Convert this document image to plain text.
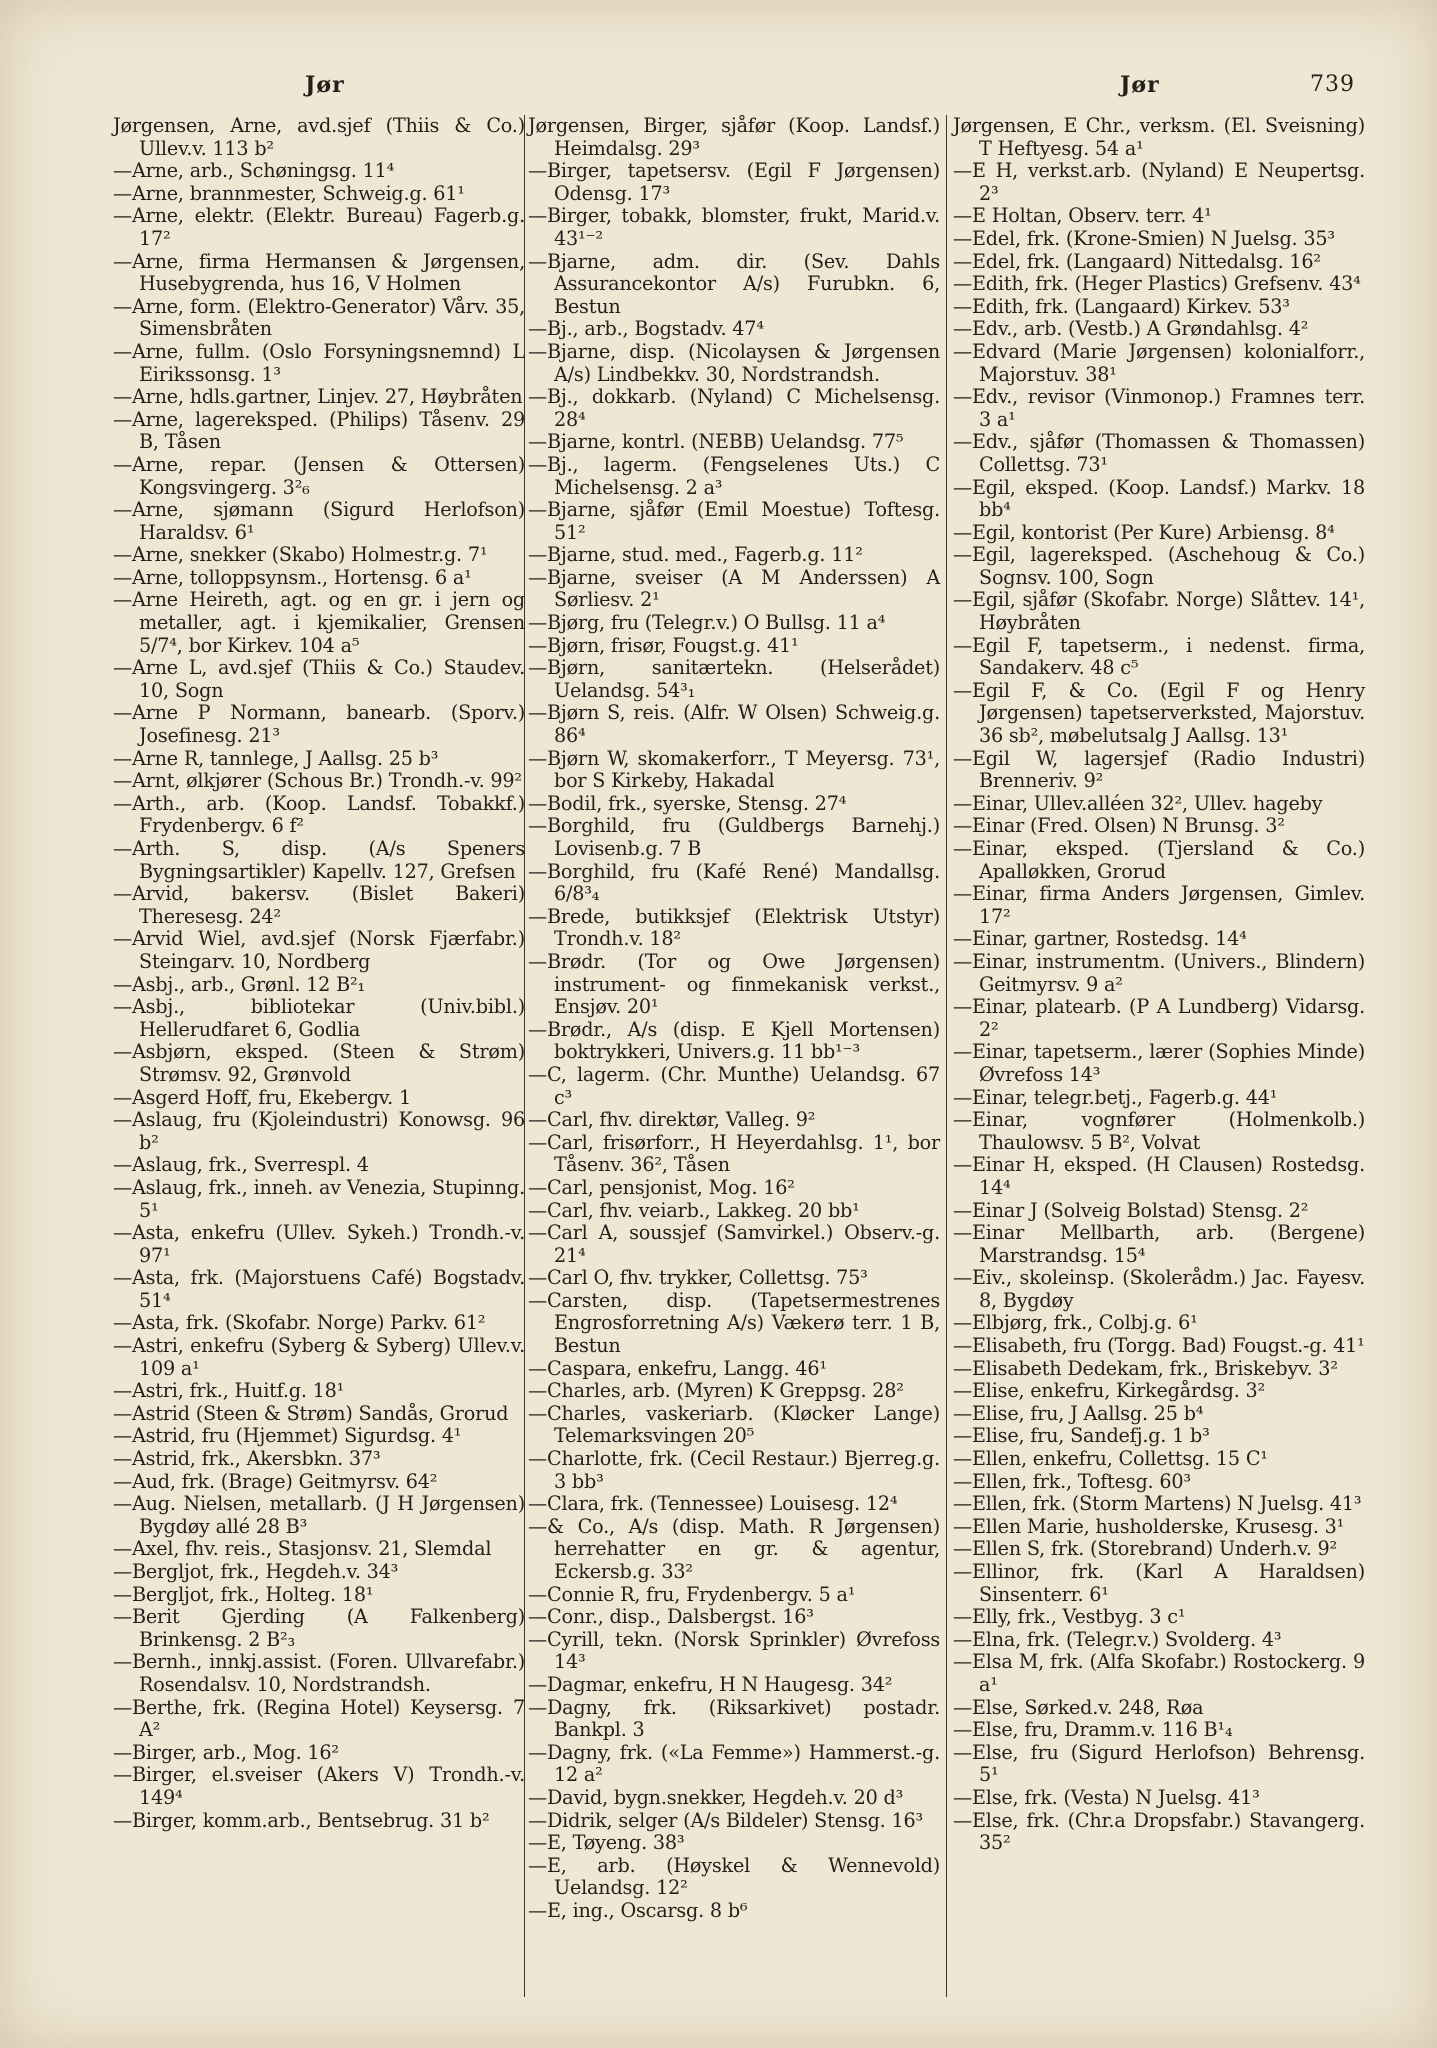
Jør	Jør	739

Jørgensen, Arne, avd.sjef (Thiis & Co.) Ullev.v. 113 b²

—Arne, arb., Schøningsg. 11⁴

—Arne, brannmester, Schweig.g. 61¹

—Arne, elektr. (Elektr. Bureau) Fagerb.g. 17²

—Arne, firma Hermansen & Jørgensen, Husebygrenda, hus 16, V Holmen

—Arne, form. (Elektro-Generator) Vårv. 35, Simensbråten

—Arne, fullm. (Oslo Forsyningsnemnd) L Eirikssonsg. 1³

—Arne, hdls.gartner, Linjev. 27, Høybråten

—Arne, lagereksped. (Philips) Tåsenv. 29 B, Tåsen

—Arne, repar. (Jensen & Ottersen) Kongsvingerg. 3²₆

—Arne, sjømann (Sigurd Herlofson) Haraldsv. 6¹

—Arne, snekker (Skabo) Holmestr.g. 7¹

—Arne, tolloppsynsm., Hortensg. 6 a¹

—Arne Heireth, agt. og en gr. i jern og metaller, agt. i kjemikalier, Grensen 5/7⁴, bor Kirkev. 104 a⁵

—Arne L, avd.sjef (Thiis & Co.) Staudev. 10, Sogn

—Arne P Normann, banearb. (Sporv.) Josefinesg. 21³

—Arne R, tannlege, J Aallsg. 25 b³

—Arnt, ølkjører (Schous Br.) Trondh.-v. 99²

—Arth., arb. (Koop. Landsf. Tobakkf.) Frydenbergv. 6 f²

—Arth. S, disp. (A/s Speners Bygningsartikler) Kapellv. 127, Grefsen

—Arvid, bakersv. (Bislet Bakeri) Theresesg. 24²

—Arvid Wiel, avd.sjef (Norsk Fjærfabr.) Steingarv. 10, Nordberg

—Asbj., arb., Grønl. 12 B²₁

—Asbj., bibliotekar (Univ.bibl.) Hellerudfaret 6, Godlia

—Asbjørn, eksped. (Steen & Strøm) Strømsv. 92, Grønvold

—Asgerd Hoff, fru, Ekebergv. 1

—Aslaug, fru (Kjoleindustri) Konowsg. 96 b²

—Aslaug, frk., Sverrespl. 4

—Aslaug, frk., inneh. av Venezia, Stupinng. 5¹

—Asta, enkefru (Ullev. Sykeh.) Trondh.-v. 97¹

—Asta, frk. (Majorstuens Café) Bogstadv. 51⁴

—Asta, frk. (Skofabr. Norge) Parkv. 61²

—Astri, enkefru (Syberg & Syberg) Ullev.v. 109 a¹

—Astri, frk., Huitf.g. 18¹

—Astrid (Steen & Strøm) Sandås, Grorud

—Astrid, fru (Hjemmet) Sigurdsg. 4¹

—Astrid, frk., Akersbkn. 37³

—Aud, frk. (Brage) Geitmyrsv. 64²

—Aug. Nielsen, metallarb. (J H Jørgensen) Bygdøy allé 28 B³

—Axel, fhv. reis., Stasjonsv. 21, Slemdal

—Bergljot, frk., Hegdeh.v. 34³

—Bergljot, frk., Holteg. 18¹

—Berit Gjerding (A Falkenberg) Brinkensg. 2 B²₃

—Bernh., innkj.assist. (Foren. Ullvarefabr.) Rosendalsv. 10, Nordstrandsh.

—Berthe, frk. (Regina Hotel) Keysersg. 7 A²

—Birger, arb., Mog. 16²

—Birger, el.sveiser (Akers V) Trondh.-v. 149⁴

—Birger, komm.arb., Bentsebrug. 31 b²

Jørgensen, Birger, sjåfør (Koop. Landsf.) Heimdalsg. 29³

—Birger, tapetsersv. (Egil F Jørgensen) Odensg. 17³

—Birger, tobakk, blomster, frukt, Marid.v. 43¹⁻²

—Bjarne, adm. dir. (Sev. Dahls Assurancekontor A/s) Furubkn. 6, Bestun

—Bj., arb., Bogstadv. 47⁴

—Bjarne, disp. (Nicolaysen & Jørgensen A/s) Lindbekkv. 30, Nordstrandsh.

—Bj., dokkarb. (Nyland) C Michelsensg. 28⁴

—Bjarne, kontrl. (NEBB) Uelandsg. 77⁵

—Bj., lagerm. (Fengselenes Uts.) C Michelsensg. 2 a³

—Bjarne, sjåfør (Emil Moestue) Toftesg. 51²

—Bjarne, stud. med., Fagerb.g. 11²

—Bjarne, sveiser (A M Anderssen) A Sørliesv. 2¹

—Bjørg, fru (Telegr.v.) O Bullsg. 11 a⁴

—Bjørn, frisør, Fougst.g. 41¹

—Bjørn, sanitærtekn. (Helserådet) Uelandsg. 54³₁

—Bjørn S, reis. (Alfr. W Olsen) Schweig.g. 86⁴

—Bjørn W, skomakerforr., T Meyersg. 73¹, bor S Kirkeby, Hakadal

—Bodil, frk., syerske, Stensg. 27⁴

—Borghild, fru (Guldbergs Barnehj.) Lovisenb.g. 7 B

—Borghild, fru (Kafé René) Mandallsg. 6/8³₄

—Brede, butikksjef (Elektrisk Utstyr) Trondh.v. 18²

—Brødr. (Tor og Owe Jørgensen) instrument- og finmekanisk verkst., Ensjøv. 20¹

—Brødr., A/s (disp. E Kjell Mortensen) boktrykkeri, Univers.g. 11 bb¹⁻³

—C, lagerm. (Chr. Munthe) Uelandsg. 67 c³

—Carl, fhv. direktør, Valleg. 9²

—Carl, frisørforr., H Heyerdahlsg. 1¹, bor Tåsenv. 36², Tåsen

—Carl, pensjonist, Mog. 16²

—Carl, fhv. veiarb., Lakkeg. 20 bb¹

—Carl A, soussjef (Samvirkel.) Observ.-g. 21⁴

—Carl O, fhv. trykker, Collettsg. 75³

—Carsten, disp. (Tapetsermestrenes Engrosforretning A/s) Vækerø terr. 1 B, Bestun

—Caspara, enkefru, Langg. 46¹

—Charles, arb. (Myren) K Greppsg. 28²

—Charles, vaskeriarb. (Kløcker Lange) Telemarksvingen 20⁵

—Charlotte, frk. (Cecil Restaur.) Bjerreg.g. 3 bb³

—Clara, frk. (Tennessee) Louisesg. 12⁴

—& Co., A/s (disp. Math. R Jørgensen) herrehatter en gr. & agentur, Eckersb.g. 33²

—Connie R, fru, Frydenbergv. 5 a¹

—Conr., disp., Dalsbergst. 16³

—Cyrill, tekn. (Norsk Sprinkler) Øvrefoss 14³

—Dagmar, enkefru, H N Haugesg. 34²

—Dagny, frk. (Riksarkivet) postadr. Bankpl. 3

—Dagny, frk. («La Femme») Hammerst.-g. 12 a²

—David, bygn.snekker, Hegdeh.v. 20 d³

—Didrik, selger (A/s Bildeler) Stensg. 16³

—E, Tøyeng. 38³

—E, arb. (Høyskel & Wennevold) Uelandsg. 12²

—E, ing., Oscarsg. 8 b⁶

Jørgensen, E Chr., verksm. (El. Sveisning) T Heftyesg. 54 a¹

—E H, verkst.arb. (Nyland) E Neupertsg. 2³

—E Holtan, Observ. terr. 4¹

—Edel, frk. (Krone-Smien) N Juelsg. 35³

—Edel, frk. (Langaard) Nittedalsg. 16²

—Edith, frk. (Heger Plastics) Grefsenv. 43⁴

—Edith, frk. (Langaard) Kirkev. 53³

—Edv., arb. (Vestb.) A Grøndahlsg. 4²

—Edvard (Marie Jørgensen) kolonialforr., Majorstuv. 38¹

—Edv., revisor (Vinmonop.) Framnes terr. 3 a¹

—Edv., sjåfør (Thomassen & Thomassen) Collettsg. 73¹

—Egil, eksped. (Koop. Landsf.) Markv. 18 bb⁴

—Egil, kontorist (Per Kure) Arbiensg. 8⁴

—Egil, lagereksped. (Aschehoug & Co.) Sognsv. 100, Sogn

—Egil, sjåfør (Skofabr. Norge) Slåttev. 14¹, Høybråten

—Egil F, tapetserm., i nedenst. firma, Sandakerv. 48 c⁵

—Egil F, & Co. (Egil F og Henry Jørgensen) tapetserverksted, Majorstuv. 36 sb², møbelutsalg J Aallsg. 13¹

—Egil W, lagersjef (Radio Industri) Brenneriv. 9²

—Einar, Ullev.alléen 32², Ullev. hageby

—Einar (Fred. Olsen) N Brunsg. 3²

—Einar, eksped. (Tjersland & Co.) Apalløkken, Grorud

—Einar, firma Anders Jørgensen, Gimlev. 17²

—Einar, gartner, Rostedsg. 14⁴

—Einar, instrumentm. (Univers., Blindern) Geitmyrsv. 9 a²

—Einar, platearb. (P A Lundberg) Vidarsg. 2²

—Einar, tapetserm., lærer (Sophies Minde) Øvrefoss 14³

—Einar, telegr.betj., Fagerb.g. 44¹

—Einar, vognfører (Holmenkolb.) Thaulowsv. 5 B², Volvat

—Einar H, eksped. (H Clausen) Rostedsg. 14⁴

—Einar J (Solveig Bolstad) Stensg. 2²

—Einar Mellbarth, arb. (Bergene) Marstrandsg. 15⁴

—Eiv., skoleinsp. (Skolerådm.) Jac. Fayesv. 8, Bygdøy

—Elbjørg, frk., Colbj.g. 6¹

—Elisabeth, fru (Torgg. Bad) Fougst.-g. 41¹

—Elisabeth Dedekam, frk., Briskebyv. 3²

—Elise, enkefru, Kirkegårdsg. 3²

—Elise, fru, J Aallsg. 25 b⁴

—Elise, fru, Sandefj.g. 1 b³

—Ellen, enkefru, Collettsg. 15 C¹

—Ellen, frk., Toftesg. 60³

—Ellen, frk. (Storm Martens) N Juelsg. 41³

—Ellen Marie, husholderske, Krusesg. 3¹

—Ellen S, frk. (Storebrand) Underh.v. 9²

—Ellinor, frk. (Karl A Haraldsen) Sinsenterr. 6¹

—Elly, frk., Vestbyg. 3 c¹

—Elna, frk. (Telegr.v.) Svolderg. 4³

—Elsa M, frk. (Alfa Skofabr.) Rostockerg. 9 a¹

—Else, Sørked.v. 248, Røa

—Else, fru, Dramm.v. 116 B¹₄

—Else, fru (Sigurd Herlofson) Behrensg. 5¹

—Else, frk. (Vesta) N Juelsg. 41³

—Else, frk. (Chr.a Dropsfabr.) Stavangerg. 35²
